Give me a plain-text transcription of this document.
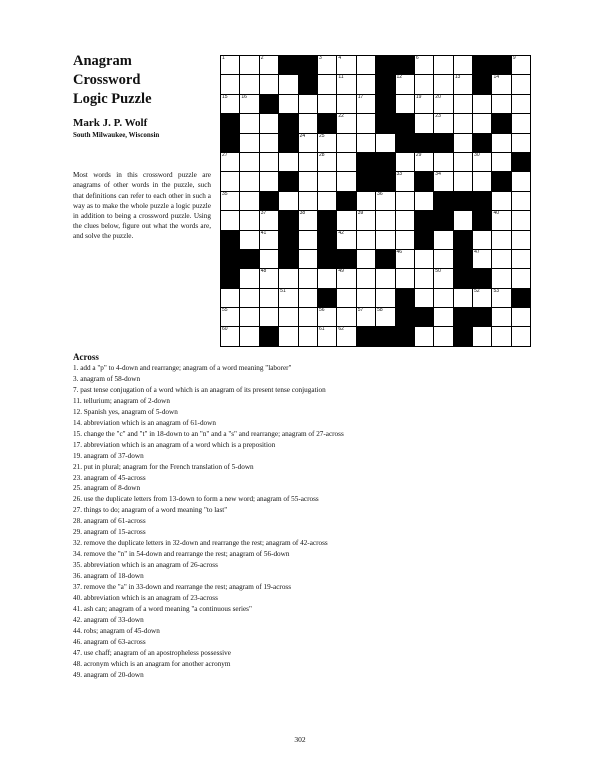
Anagram
Crossword
Logic Puzzle
Mark J. P. Wolf
South Milwaukee, Wisconsin

Most words in this crossword puzzle are anagrams of other words in the puzzle, such that definitions can refer to each other in such a way as to make the whole puzzle a logic puzzle in addition to being a crossword puzzle. Using the clues below, figure out what the words are, and solve the puzzle.

1		2			3	4				6					9

						11			12			13		14	

15	16						17			19	20				

						22					23				

				24	25										

27					28					29			30		

									33		34				

35								36							

		37		38			39							40	

		41				42									

									46				47		

		48				49					50				

			51										52	53	

55					56		57	58							

60					61	62									

Across
1. add a "p" to 4-down and rearrange; anagram of a word meaning "laborer"
3. anagram of 58-down
7. past tense conjugation of a word which is an anagram of its present tense conjugation
11. tellurium; anagram of 2-down
12. Spanish yes, anagram of 5-down
14. abbreviation which is an anagram of 61-down
15. change the "c" and "t" in 18-down to an "n" and a "s" and rearrange; anagram of 27-across
17. abbreviation which is an anagram of a word which is a preposition
19. anagram of 37-down
21. put in plural; anagram for the French translation of 5-down
23. anagram of 45-across
25. anagram of 8-down
26. use the duplicate letters from 13-down to form a new word; anagram of 55-across
27. things to do; anagram of a word meaning "to last"
28. anagram of 61-across
29. anagram of 15-across
32. remove the duplicate letters in 32-down and rearrange the rest; anagram of 42-across
34. remove the "n" in 54-down and rearrange the rest; anagram of 56-down
35. abbreviation which is an anagram of 26-across
36. anagram of 18-down
37. remove the "a" in 33-down and rearrange the rest; anagram of 19-across
40. abbreviation which is an anagram of 23-across
41. ash can; anagram of a word meaning "a continuous series"
42. anagram of 33-down
44. robs; anagram of 45-down
46. anagram of 63-across
47. use chaff; anagram of an apostropheless possessive
48. acronym which is an anagram for another acronym
49. anagram of 20-down
302
